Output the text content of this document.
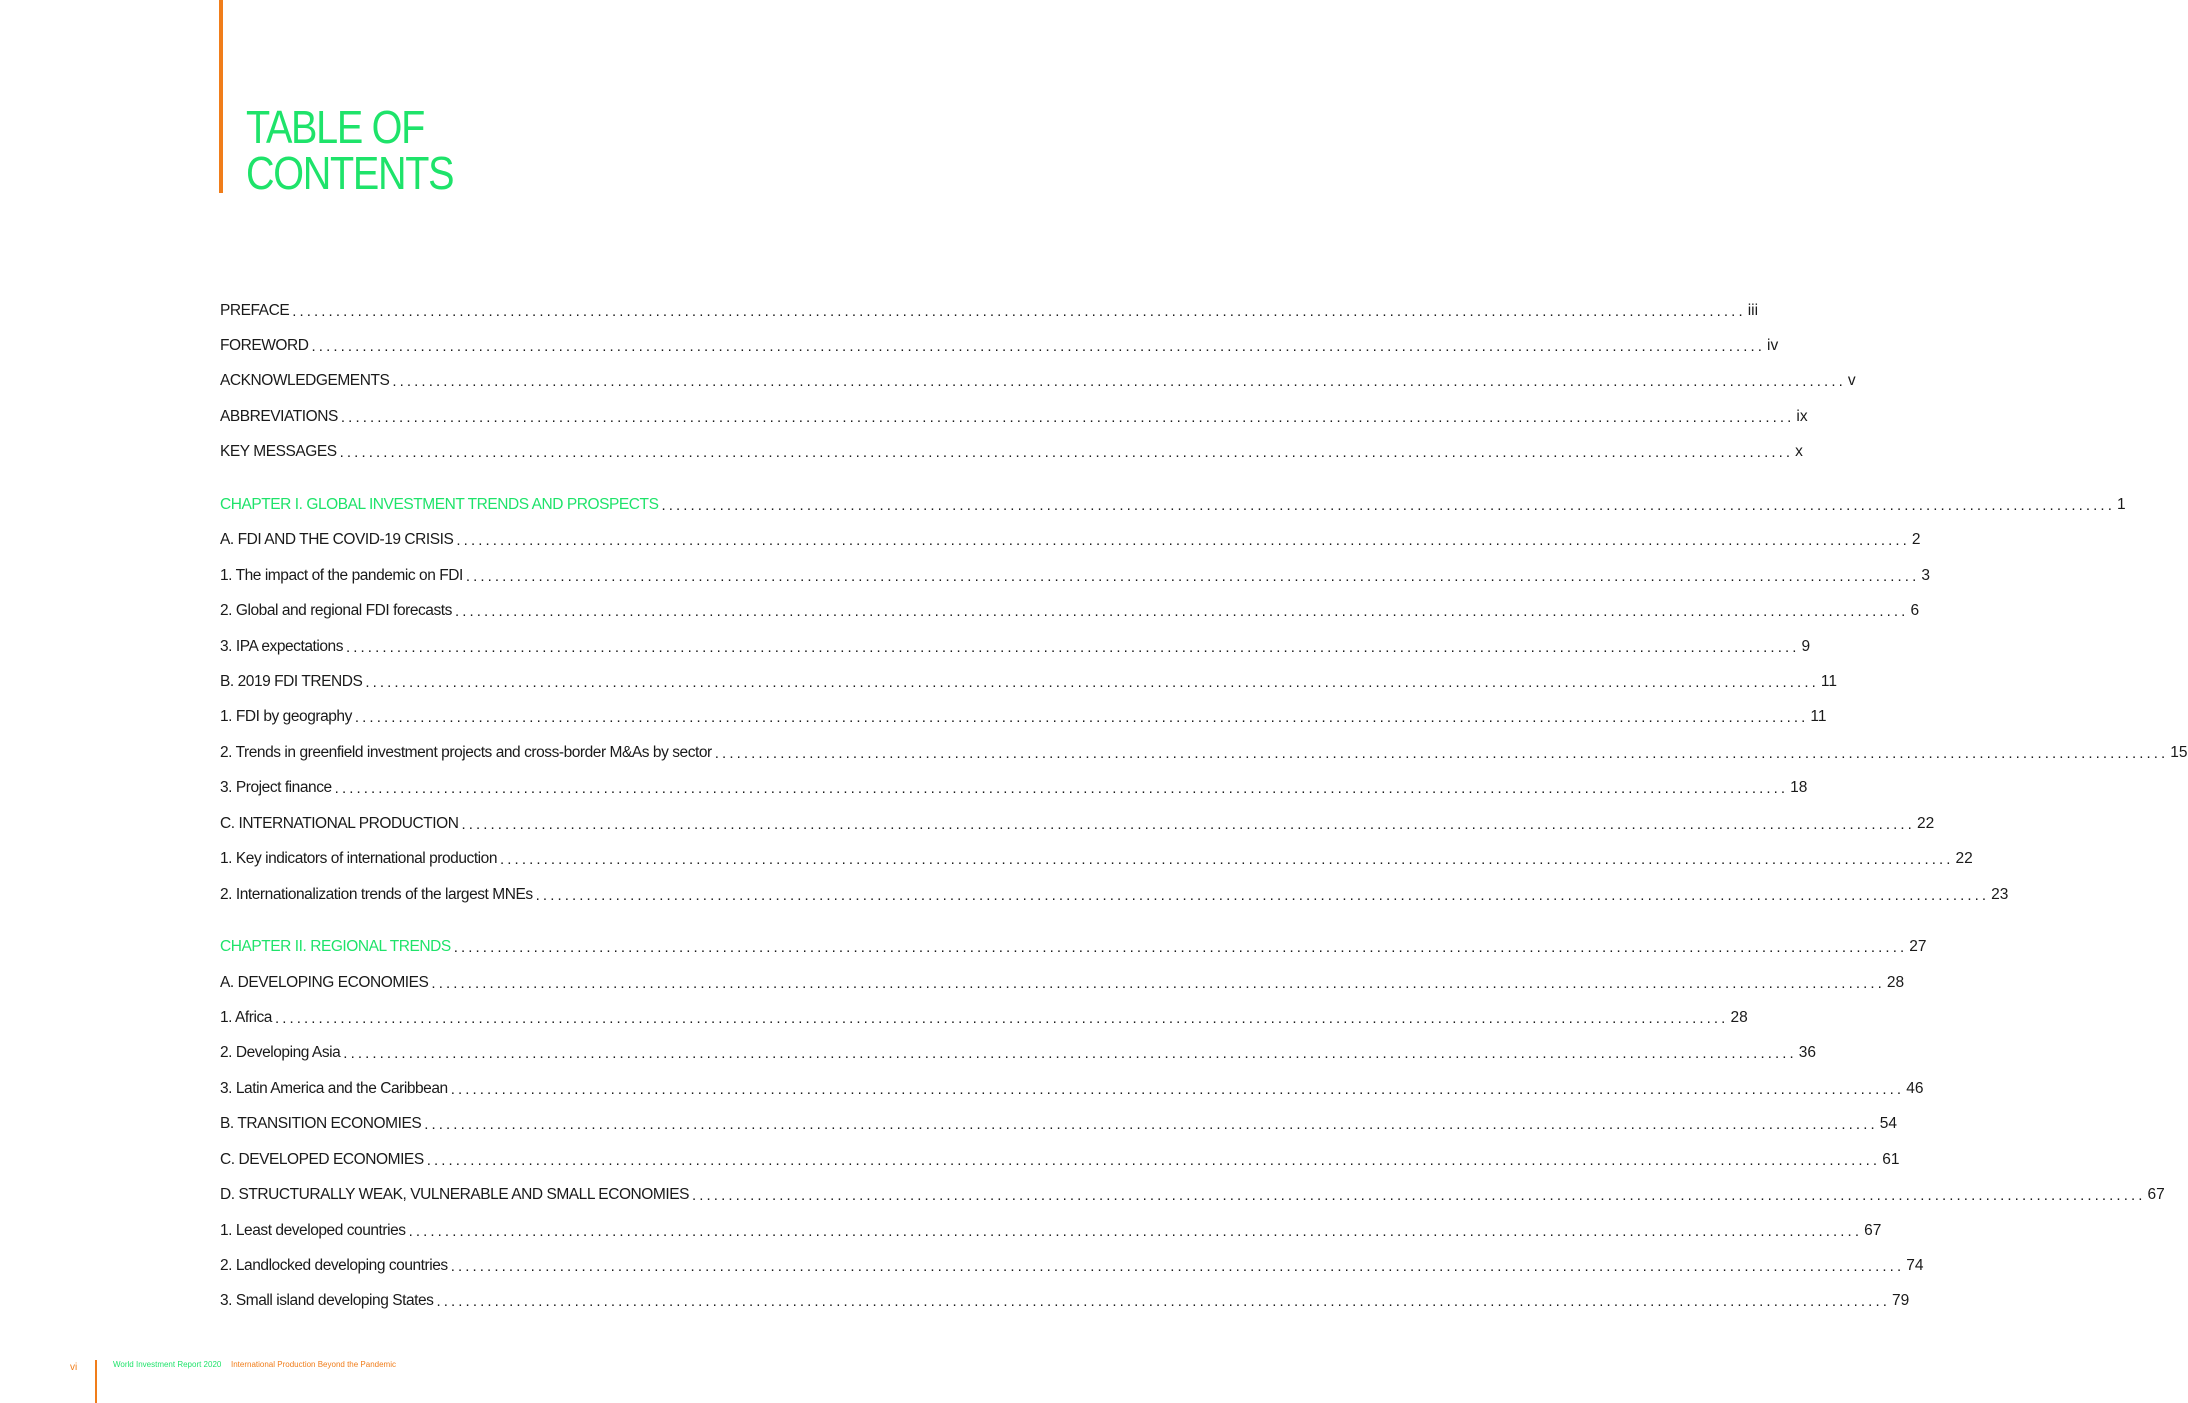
TABLE OF
CONTENTS
PREFACE ........................................................................................................................................................................................................ iii
FOREWORD ........................................................................................................................................................................................................ iv
ACKNOWLEDGEMENTS ........................................................................................................................................................................................................ v
ABBREVIATIONS ........................................................................................................................................................................................................ ix
KEY MESSAGES ........................................................................................................................................................................................................ x
CHAPTER I. GLOBAL INVESTMENT TRENDS AND PROSPECTS ........................................................................................................................................................................................................ 1
A. FDI AND THE COVID-19 CRISIS ........................................................................................................................................................................................................ 2
1. The impact of the pandemic on FDI ........................................................................................................................................................................................................ 3
2. Global and regional FDI forecasts ........................................................................................................................................................................................................ 6
3. IPA expectations ........................................................................................................................................................................................................ 9
B. 2019 FDI TRENDS ........................................................................................................................................................................................................ 11
1. FDI by geography ........................................................................................................................................................................................................ 11
2. Trends in greenfield investment projects and cross-border M&As by sector ........................................................................................................................................................................................................ 15
3. Project finance ........................................................................................................................................................................................................ 18
C. INTERNATIONAL PRODUCTION ........................................................................................................................................................................................................ 22
1. Key indicators of international production ........................................................................................................................................................................................................ 22
2. Internationalization trends of the largest MNEs ........................................................................................................................................................................................................ 23
CHAPTER II. REGIONAL TRENDS ........................................................................................................................................................................................................ 27
A. DEVELOPING ECONOMIES ........................................................................................................................................................................................................ 28
1. Africa ........................................................................................................................................................................................................ 28
2. Developing Asia ........................................................................................................................................................................................................ 36
3. Latin America and the Caribbean ........................................................................................................................................................................................................ 46
B. TRANSITION ECONOMIES ........................................................................................................................................................................................................ 54
C. DEVELOPED ECONOMIES ........................................................................................................................................................................................................ 61
D. STRUCTURALLY WEAK, VULNERABLE AND SMALL ECONOMIES ........................................................................................................................................................................................................ 67
1. Least developed countries ........................................................................................................................................................................................................ 67
2. Landlocked developing countries ........................................................................................................................................................................................................ 74
3. Small island developing States ........................................................................................................................................................................................................ 79
vi	World Investment Report 2020 International Production Beyond the Pandemic
